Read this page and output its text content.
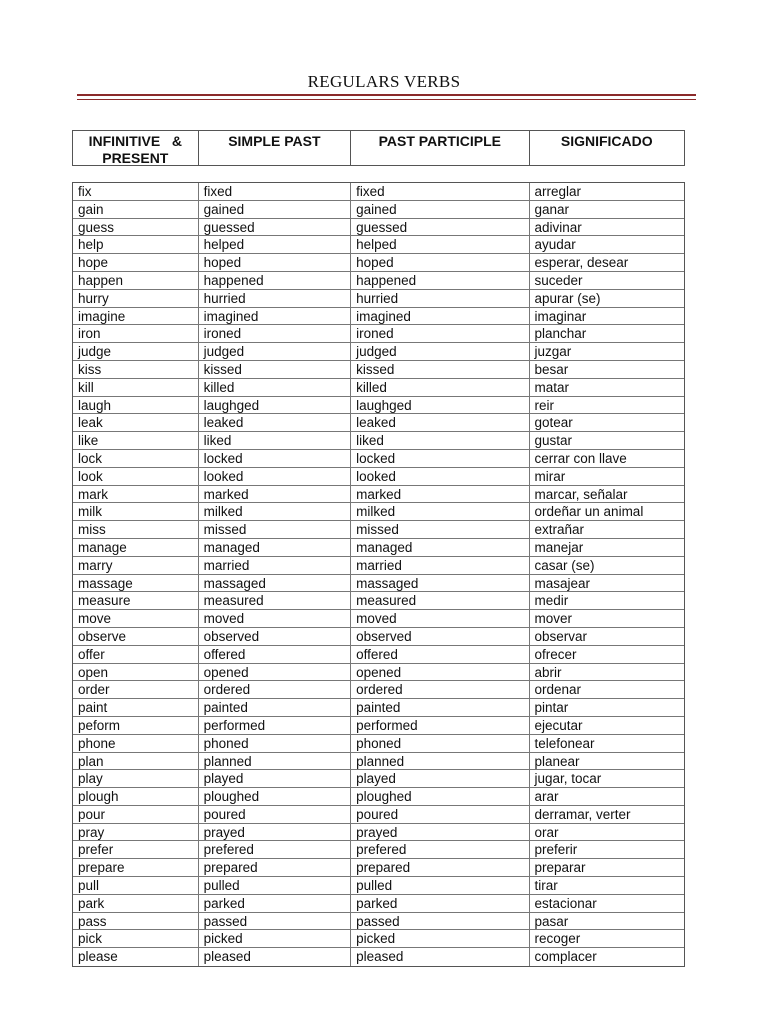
REGULARS VERBS
INFINITIVE   &
PRESENT
SIMPLE PAST	PAST PARTICIPLE	SIGNIFICADO
fix	fixed	fixed	arreglar
gain	gained	gained	ganar
guess	guessed	guessed	adivinar
help	helped	helped	ayudar
hope	hoped	hoped	esperar, desear
happen	happened	happened	suceder
hurry	hurried	hurried	apurar (se)
imagine	imagined	imagined	imaginar
iron	ironed	ironed	planchar
judge	judged	judged	juzgar
kiss	kissed	kissed	besar
kill	killed	killed	matar
laugh	laughged	laughged	reir
leak	leaked	leaked	gotear
like	liked	liked	gustar
lock	locked	locked	cerrar con llave
look	looked	looked	mirar
mark	marked	marked	marcar, señalar
milk	milked	milked	ordeñar un animal
miss	missed	missed	extrañar
manage	managed	managed	manejar
marry	married	married	casar (se)
massage	massaged	massaged	masajear
measure	measured	measured	medir
move	moved	moved	mover
observe	observed	observed	observar
offer	offered	offered	ofrecer
open	opened	opened	abrir
order	ordered	ordered	ordenar
paint	painted	painted	pintar
peform	performed	performed	ejecutar
phone	phoned	phoned	telefonear
plan	planned	planned	planear
play	played	played	jugar, tocar
plough	ploughed	ploughed	arar
pour	poured	poured	derramar, verter
pray	prayed	prayed	orar
prefer	prefered	prefered	preferir
prepare	prepared	prepared	preparar
pull	pulled	pulled	tirar
park	parked	parked	estacionar
pass	passed	passed	pasar
pick	picked	picked	recoger
please	pleased	pleased	complacer
